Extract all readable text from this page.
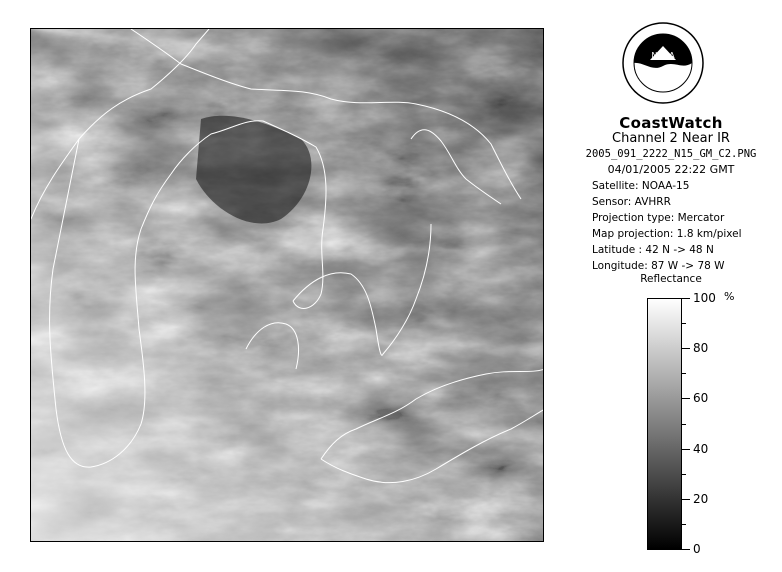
NOAA
CoastWatch
Channel 2 Near IR
2005_091_2222_N15_GM_C2.PNG
04/01/2005 22:22 GMT
Satellite: NOAA-15
Sensor: AVHRR
Projection type: Mercator
Map projection: 1.8 km/pixel
Latitude : 42 N -> 48 N
Longitude: 87 W -> 78 W
Reflectance
%
100
80
60
40
20
0
